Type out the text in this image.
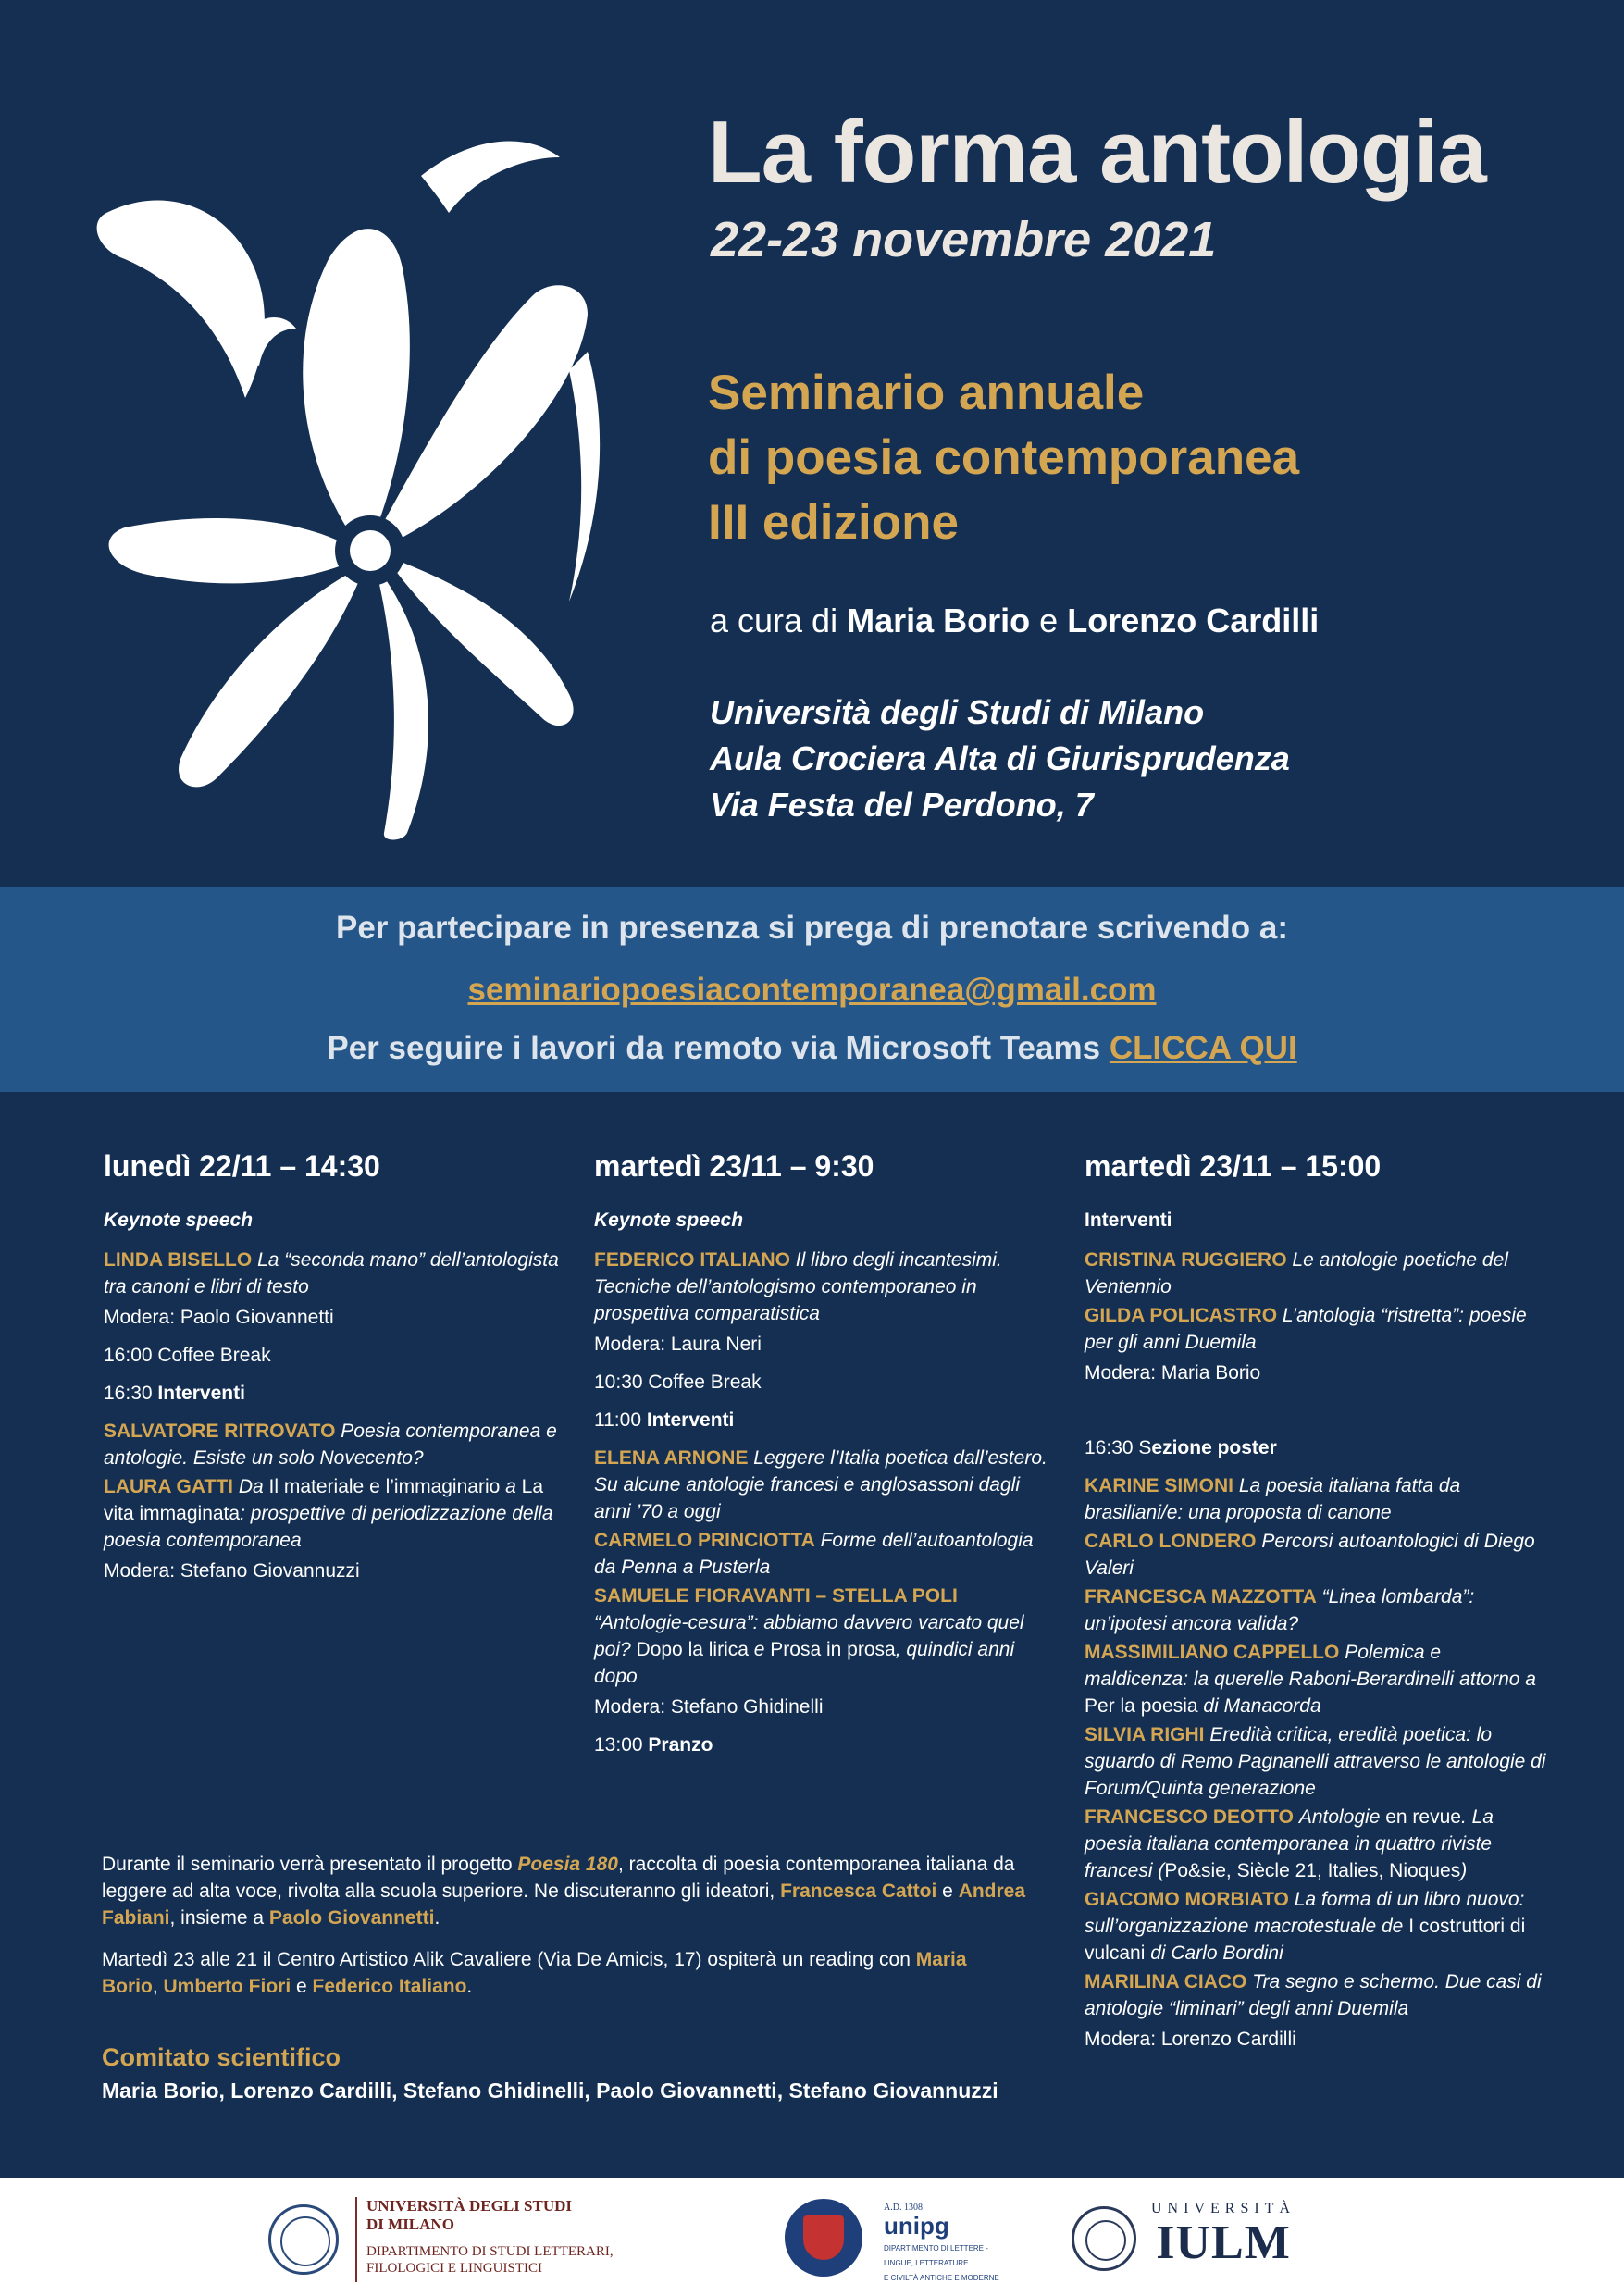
La forma antologia
22-23 novembre 2021
Seminario annuale
di poesia contemporanea
III edizione
a cura di Maria Borio e Lorenzo Cardilli
Università degli Studi di Milano
Aula Crociera Alta di Giurisprudenza
Via Festa del Perdono, 7
Per partecipare in presenza si prega di prenotare scrivendo a:
seminariopoesiacontemporanea@gmail.com
Per seguire i lavori da remoto via Microsoft Teams CLICCA QUI
lunedì 22/11 – 14:30
Keynote speech
LINDA BISELLO La “seconda mano” dell’antologista tra canoni e libri di testo
Modera: Paolo Giovannetti
16:00 Coffee Break
16:30 Interventi
SALVATORE RITROVATO Poesia contemporanea e antologie. Esiste un solo Novecento?
LAURA GATTI Da Il materiale e l’immaginario a La vita immaginata: prospettive di periodizzazione della poesia contemporanea
Modera: Stefano Giovannuzzi
martedì 23/11 – 9:30
Keynote speech
FEDERICO ITALIANO Il libro degli incantesimi. Tecniche dell’antologismo contemporaneo in prospettiva comparatistica
Modera: Laura Neri
10:30 Coffee Break
11:00 Interventi
ELENA ARNONE Leggere l’Italia poetica dall’estero. Su alcune antologie francesi e anglosassoni dagli anni ’70 a oggi
CARMELO PRINCIOTTA Forme dell’autoantologia da Penna a Pusterla
SAMUELE FIORAVANTI – STELLA POLI “Antologie-cesura”: abbiamo davvero varcato quel poi? Dopo la lirica e Prosa in prosa, quindici anni dopo
Modera: Stefano Ghidinelli
13:00 Pranzo
martedì 23/11 – 15:00
Interventi
CRISTINA RUGGIERO Le antologie poetiche del Ventennio
GILDA POLICASTRO L’antologia “ristretta”: poesie per gli anni Duemila
Modera: Maria Borio
16:30 Sezione poster
KARINE SIMONI La poesia italiana fatta da brasiliani/e: una proposta di canone
CARLO LONDERO Percorsi autoantologici di Diego Valeri
FRANCESCA MAZZOTTA “Linea lombarda”: un’ipotesi ancora valida?
MASSIMILIANO CAPPELLO Polemica e maldicenza: la querelle Raboni-Berardinelli attorno a Per la poesia di Manacorda
SILVIA RIGHI Eredità critica, eredità poetica: lo sguardo di Remo Pagnanelli attraverso le antologie di Forum/Quinta generazione
FRANCESCO DEOTTO Antologie en revue. La poesia italiana contemporanea in quattro riviste francesi (Po&sie, Siècle 21, Italies, Nioques)
GIACOMO MORBIATO La forma di un libro nuovo: sull’organizzazione macrotestuale de I costruttori di vulcani di Carlo Bordini
MARILINA CIACO Tra segno e schermo. Due casi di antologie “liminari” degli anni Duemila
Modera: Lorenzo Cardilli

Durante il seminario verrà presentato il progetto Poesia 180, raccolta di poesia contemporanea italiana da leggere ad alta voce, rivolta alla scuola superiore. Ne discuteranno gli ideatori, Francesca Cattoi e Andrea Fabiani, insieme a Paolo Giovannetti.

Martedì 23 alle 21 il Centro Artistico Alik Cavaliere (Via De Amicis, 17) ospiterà un reading con Maria Borio, Umberto Fiori e Federico Italiano.

Comitato scientifico
Maria Borio, Lorenzo Cardilli, Stefano Ghidinelli, Paolo Giovannetti, Stefano Giovannuzzi
UNIVERSITÀ DEGLI STUDI
DI MILANO
DIPARTIMENTO DI STUDI LETTERARI,
FILOLOGICI E LINGUISTICI
A.D. 1308
unipg
DIPARTIMENTO DI LETTERE -
LINGUE, LETTERATURE
E CIVILTÀ ANTICHE E MODERNE
UNIVERSITÀ
IULM
